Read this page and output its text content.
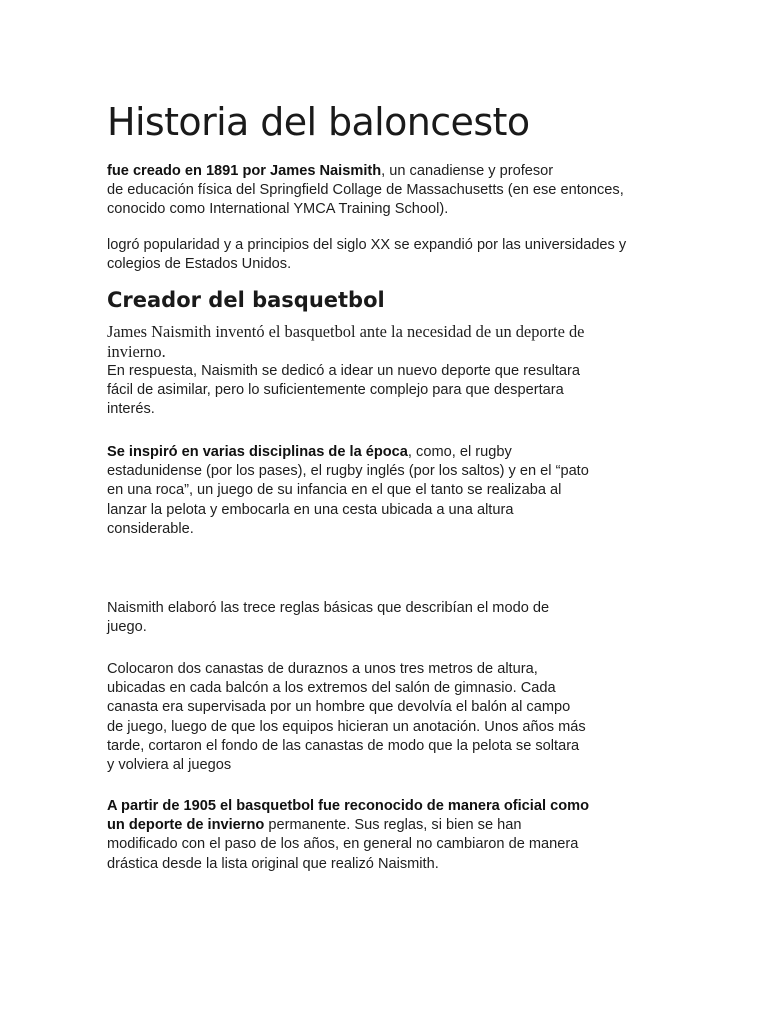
Historia del baloncesto

fue creado en 1891 por James Naismith, un canadiense y profesor
de educación física del Springfield Collage de Massachusetts (en ese entonces,
conocido como International YMCA Training School).

logró popularidad y a principios del siglo XX se expandió por las universidades y
colegios de Estados Unidos.

Creador del basquetbol

James Naismith inventó el basquetbol ante la necesidad de un deporte de
invierno.
En respuesta, Naismith se dedicó a idear un nuevo deporte que resultara
fácil de asimilar, pero lo suficientemente complejo para que despertara
interés.

Se inspiró en varias disciplinas de la época, como, el rugby
estadunidense (por los pases), el rugby inglés (por los saltos) y en el “pato
en una roca”, un juego de su infancia en el que el tanto se realizaba al
lanzar la pelota y embocarla en una cesta ubicada a una altura
considerable.

Naismith elaboró las trece reglas básicas que describían el modo de
juego.

Colocaron dos canastas de duraznos a unos tres metros de altura,
ubicadas en cada balcón a los extremos del salón de gimnasio. Cada
canasta era supervisada por un hombre que devolvía el balón al campo
de juego, luego de que los equipos hicieran un anotación. Unos años más
tarde, cortaron el fondo de las canastas de modo que la pelota se soltara
y volviera al juegos

A partir de 1905 el basquetbol fue reconocido de manera oficial como
un deporte de invierno permanente. Sus reglas, si bien se han
modificado con el paso de los años, en general no cambiaron de manera
drástica desde la lista original que realizó Naismith.
